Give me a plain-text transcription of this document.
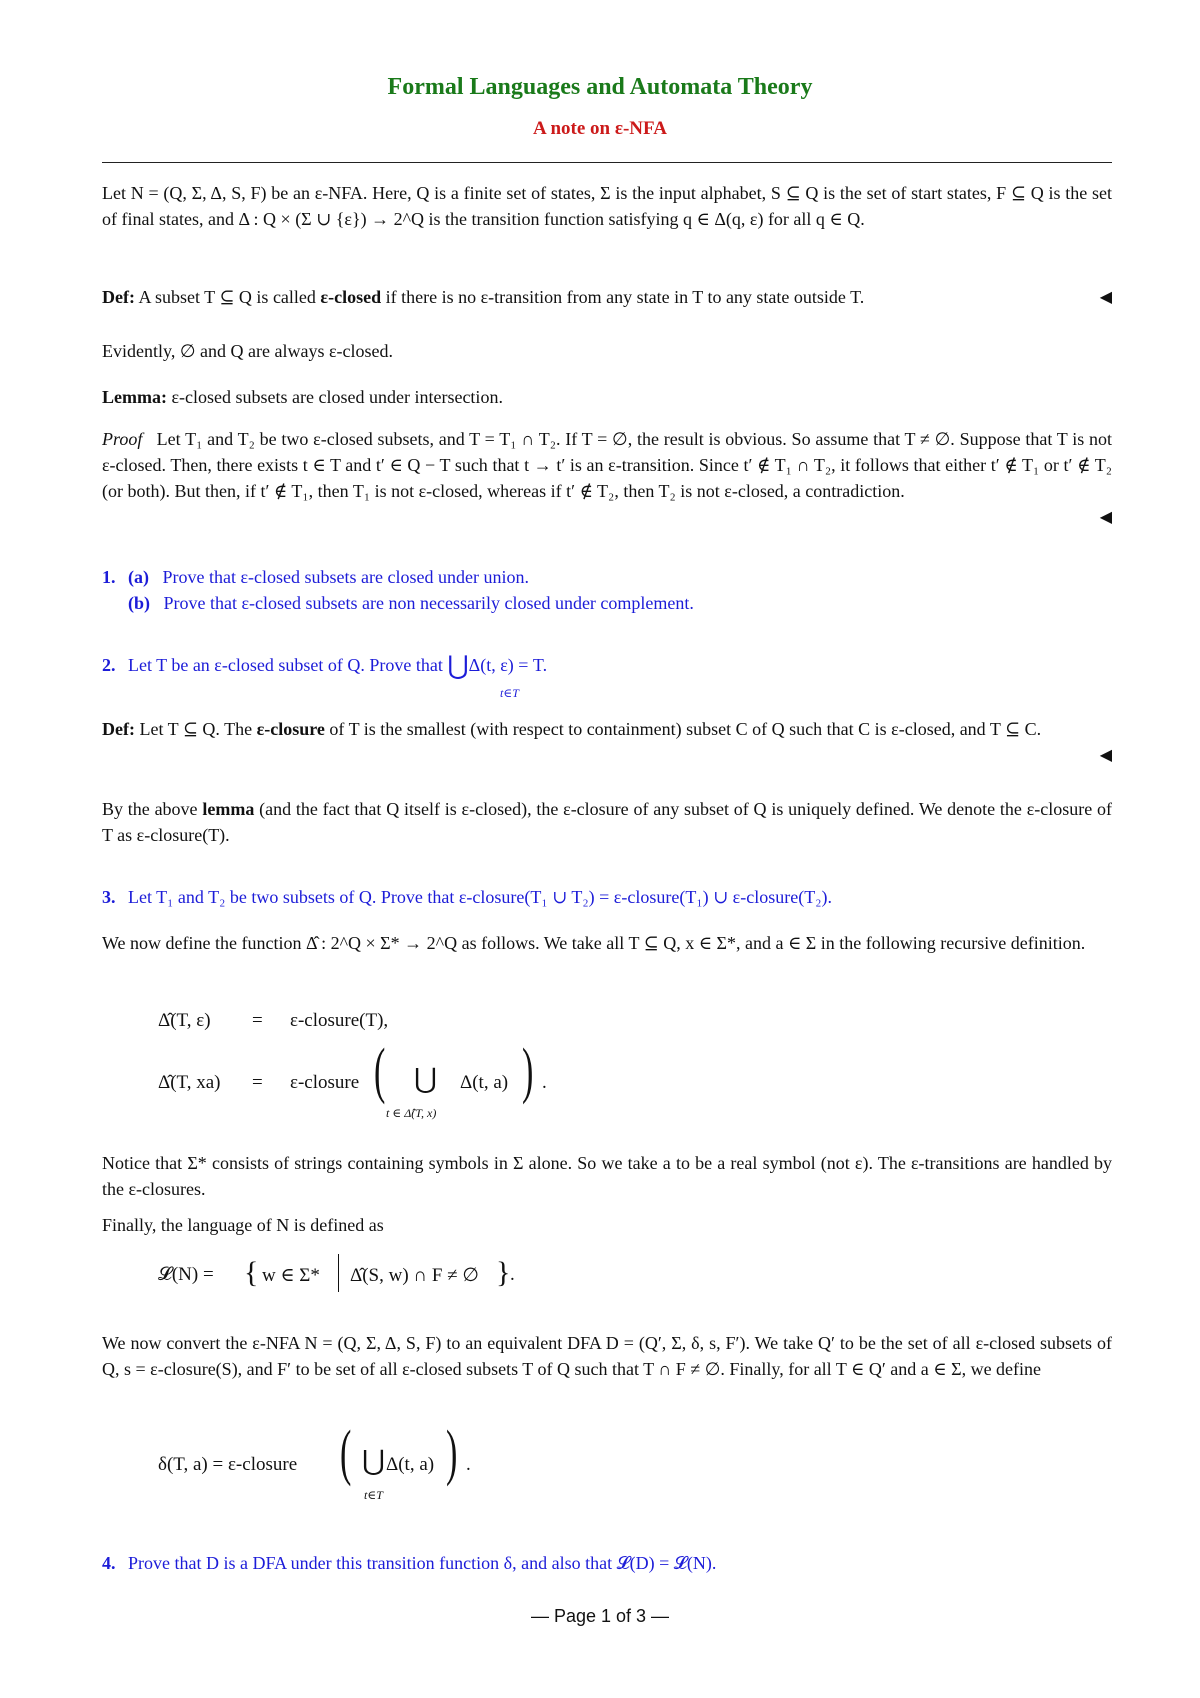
Formal Languages and Automata Theory
A note on ε-NFA

Let N = (Q, Σ, Δ, S, F) be an ε-NFA. Here, Q is a finite set of states, Σ is the input alphabet, S ⊆ Q is the set of start states, F ⊆ Q is the set of final states, and Δ : Q × (Σ ∪ {ε}) → 2^Q is the transition function satisfying q ∈ Δ(q, ε) for all q ∈ Q.

Def: A subset T ⊆ Q is called ε-closed if there is no ε-transition from any state in T to any state outside T.	◀

Evidently, ∅ and Q are always ε-closed.

Lemma: ε-closed subsets are closed under intersection.

Proof Let T₁ and T₂ be two ε-closed subsets, and T = T₁ ∩ T₂. If T = ∅, the result is obvious. So assume that T ≠ ∅. Suppose that T is not ε-closed. Then, there exists t ∈ T and t′ ∈ Q − T such that t → t′ is an ε-transition. Since t′ ∉ T₁ ∩ T₂, it follows that either t′ ∉ T₁ or t′ ∉ T₂ (or both). But then, if t′ ∉ T₁, then T₁ is not ε-closed, whereas if t′ ∉ T₂, then T₂ is not ε-closed, a contradiction.

◀

1. (a) Prove that ε-closed subsets are closed under union.

(b) Prove that ε-closed subsets are non necessarily closed under complement.

2. Let T be an ε-closed subset of Q. Prove that ⋃Δ(t, ε) = T.

t∈T

Def: Let T ⊆ Q. The ε-closure of T is the smallest (with respect to containment) subset C of Q such that C is ε-closed, and T ⊆ C.

◀

By the above lemma (and the fact that Q itself is ε-closed), the ε-closure of any subset of Q is uniquely defined. We denote the ε-closure of T as ε-closure(T).

3. Let T₁ and T₂ be two subsets of Q. Prove that ε-closure(T₁ ∪ T₂) = ε-closure(T₁) ∪ ε-closure(T₂).

We now define the function Δ̂ : 2^Q × Σ* → 2^Q as follows. We take all T ⊆ Q, x ∈ Σ*, and a ∈ Σ in the following recursive definition.

Δ̂(T, ε) = ε-closure(T),
Δ̂(T, xa) = ε-closure ( ⋃ Δ(t, a)
t ∈ Δ̂(T, x)
) .

Notice that Σ* consists of strings containing symbols in Σ alone. So we take a to be a real symbol (not ε). The ε-transitions are handled by the ε-closures.

Finally, the language of N is defined as

𝓛(N) = { w ∈ Σ* Δ̂(S, w) ∩ F ≠ ∅ } .

We now convert the ε-NFA N = (Q, Σ, Δ, S, F) to an equivalent DFA D = (Q′, Σ, δ, s, F′). We take Q′ to be the set of all ε-closed subsets of Q, s = ε-closure(S), and F′ to be set of all ε-closed subsets T of Q such that T ∩ F ≠ ∅. Finally, for all T ∈ Q′ and a ∈ Σ, we define

δ(T, a) = ε-closure ( ⋃ Δ(t, a)
t∈T
) .

4. Prove that D is a DFA under this transition function δ, and also that 𝓛(D) = 𝓛(N).

— Page 1 of 3 —
